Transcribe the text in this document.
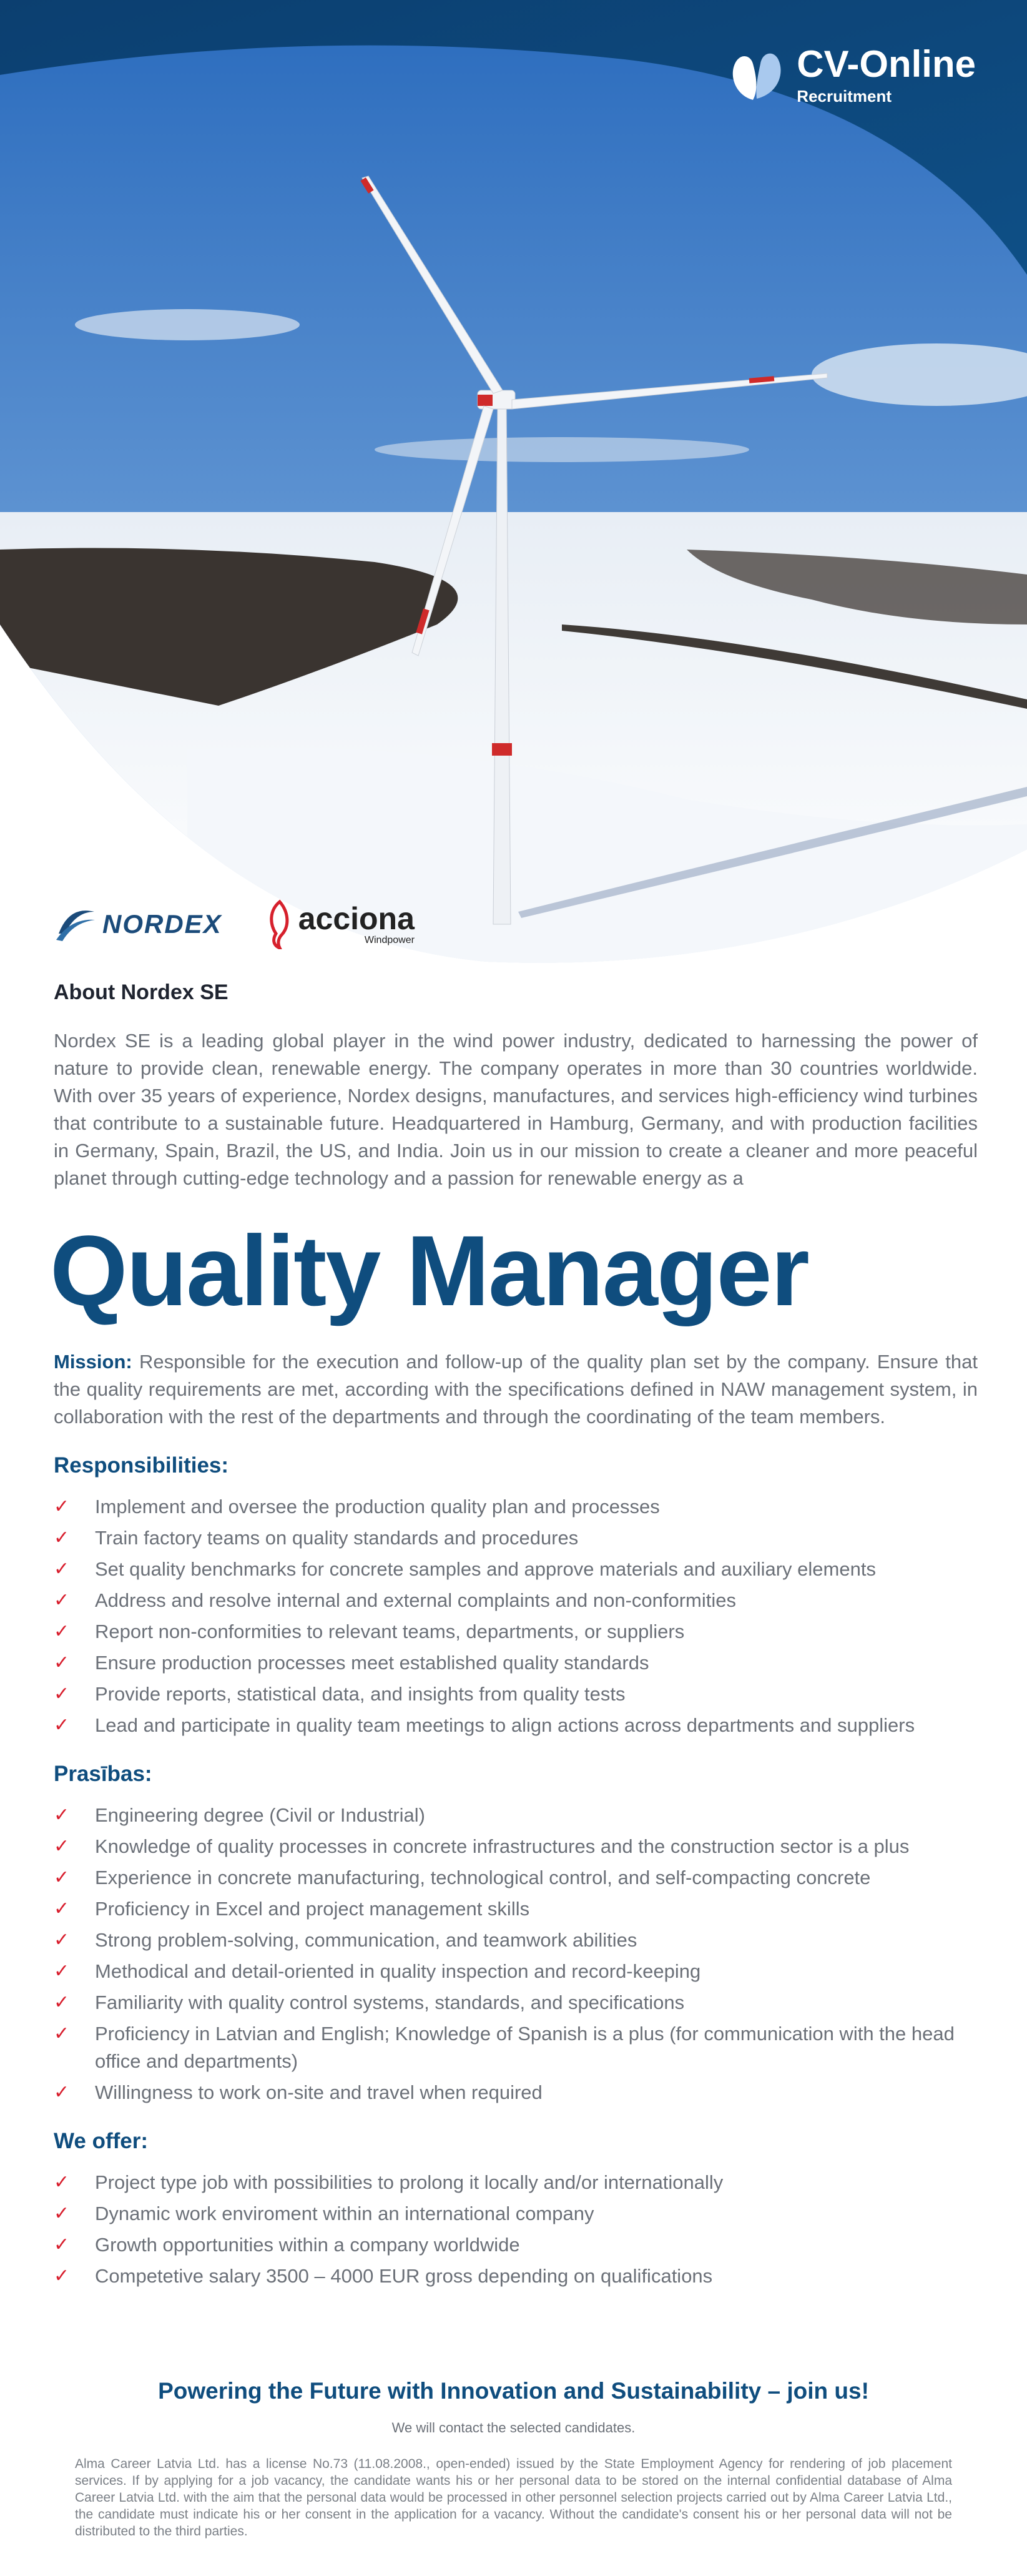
CV-Online
Recruitment
NORDEX acciona
Windpower
About Nordex SE

Nordex SE is a leading global player in the wind power industry, dedicated to harnessing the power of nature to provide clean, renewable energy. The company operates in more than 30 countries worldwide. With over 35 years of experience, Nordex designs, manufactures, and services high-efficiency wind turbines that contribute to a sustainable future. Headquartered in Hamburg, Germany, and with production facilities in Germany, Spain, Brazil, the US, and India. Join us in our mission to create a cleaner and more peaceful planet through cutting-edge technology and a passion for renewable energy as a

Quality Manager

Mission: Responsible for the execution and follow-up of the quality plan set by the company. Ensure that the quality requirements are met, according with the specifications defined in NAW management system, in collaboration with the rest of the departments and through the coordinating of the team members.

Responsibilities:
✓	Implement and oversee the production quality plan and processes
✓	Train factory teams on quality standards and procedures
✓	Set quality benchmarks for concrete samples and approve materials and auxiliary elements
✓	Address and resolve internal and external complaints and non-conformities
✓	Report non-conformities to relevant teams, departments, or suppliers
✓	Ensure production processes meet established quality standards
✓	Provide reports, statistical data, and insights from quality tests
✓	Lead and participate in quality team meetings to align actions across departments and suppliers
Prasības:
✓	Engineering degree (Civil or Industrial)
✓	Knowledge of quality processes in concrete infrastructures and the construction sector is a plus
✓	Experience in concrete manufacturing, technological control, and self-compacting concrete
✓	Proficiency in Excel and project management skills
✓	Strong problem-solving, communication, and teamwork abilities
✓	Methodical and detail-oriented in quality inspection and record-keeping
✓	Familiarity with quality control systems, standards, and specifications
✓	Proficiency in Latvian and English; Knowledge of Spanish is a plus (for communication with the head office and departments)
✓	Willingness to work on-site and travel when required
We offer:
✓	Project type job with possibilities to prolong it locally and/or internationally
✓	Dynamic work enviroment within an international company
✓	Growth opportunities within a company worldwide
✓	Competetive salary 3500 – 4000 EUR gross depending on qualifications
Powering the Future with Innovation and Sustainability – join us!
We will contact the selected candidates.
Alma Career Latvia Ltd. has a license No.73 (11.08.2008., open-ended) issued by the State Employment Agency for rendering of job placement services. If by applying for a job vacancy, the candidate wants his or her personal data to be stored on the internal confidential database of Alma Career Latvia Ltd. with the aim that the personal data would be processed in other personnel selection projects carried out by Alma Career Latvia Ltd., the candidate must indicate his or her consent in the application for a vacancy. Without the candidate's consent his or her personal data will not be distributed to the third parties.
